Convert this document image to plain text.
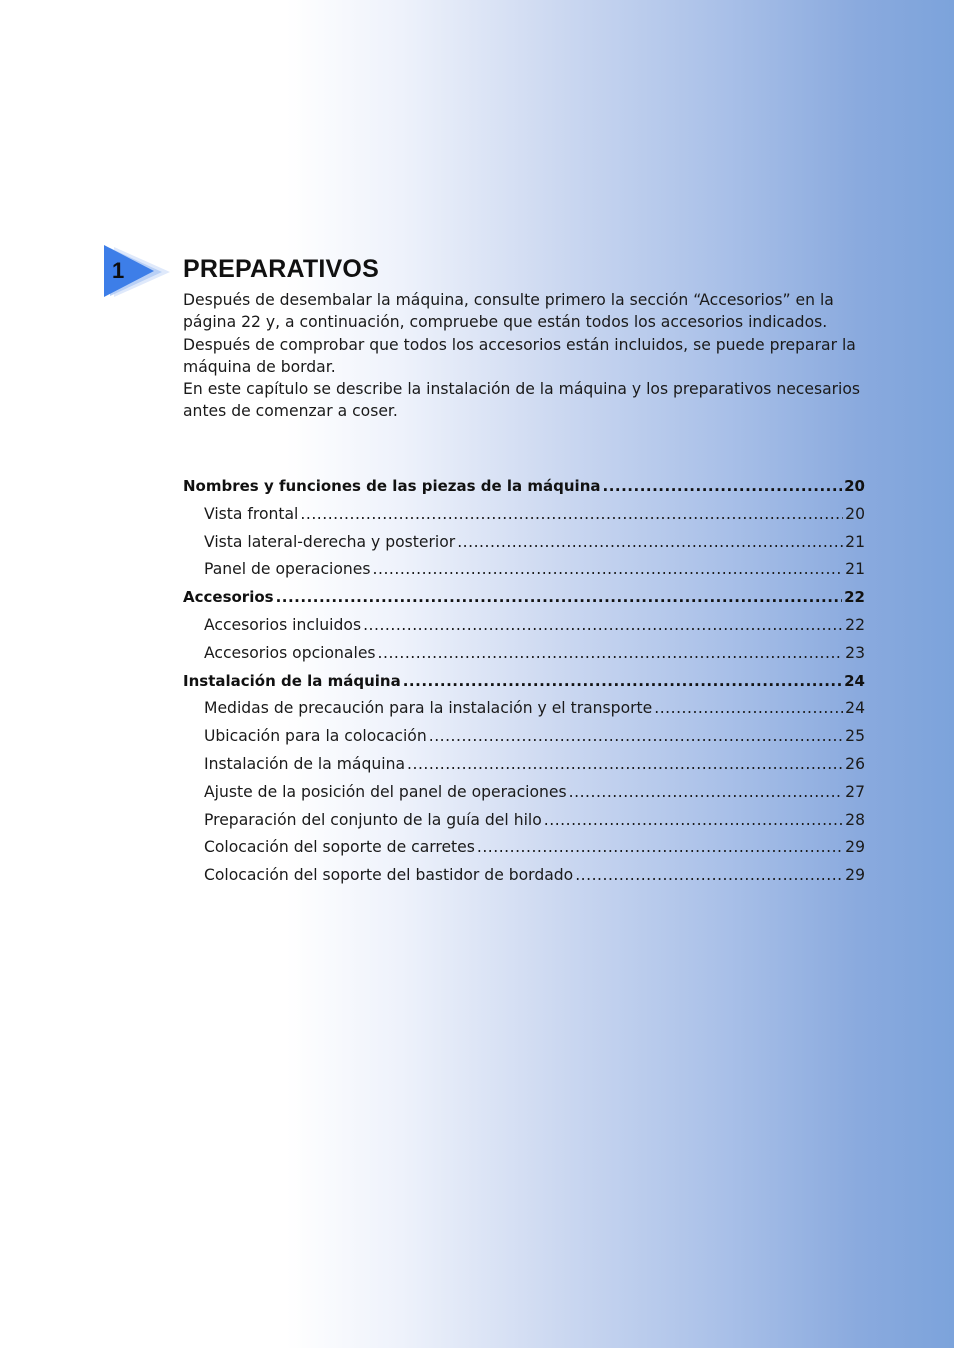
1 PREPARATIVOS

Después de desembalar la máquina, consulte primero la sección “Accesorios” en la página 22 y, a continuación, compruebe que están todos los accesorios indicados.

Después de comprobar que todos los accesorios están incluidos, se puede preparar la máquina de bordar.

En este capítulo se describe la instalación de la máquina y los preparativos necesarios antes de comenzar a coser.

Nombres y funciones de las piezas de la máquina .....	20
Vista frontal .....	20
Vista lateral-derecha y posterior .....	21
Panel de operaciones .....	21
Accesorios .....	22
Accesorios incluidos .....	22
Accesorios opcionales .....	23
Instalación de la máquina .....	24
Medidas de precaución para la instalación y el transporte .....	24
Ubicación para la colocación .....	25
Instalación de la máquina .....	26
Ajuste de la posición del panel de operaciones .....	27
Preparación del conjunto de la guía del hilo .....	28
Colocación del soporte de carretes .....	29
Colocación del soporte del bastidor de bordado .....	29
